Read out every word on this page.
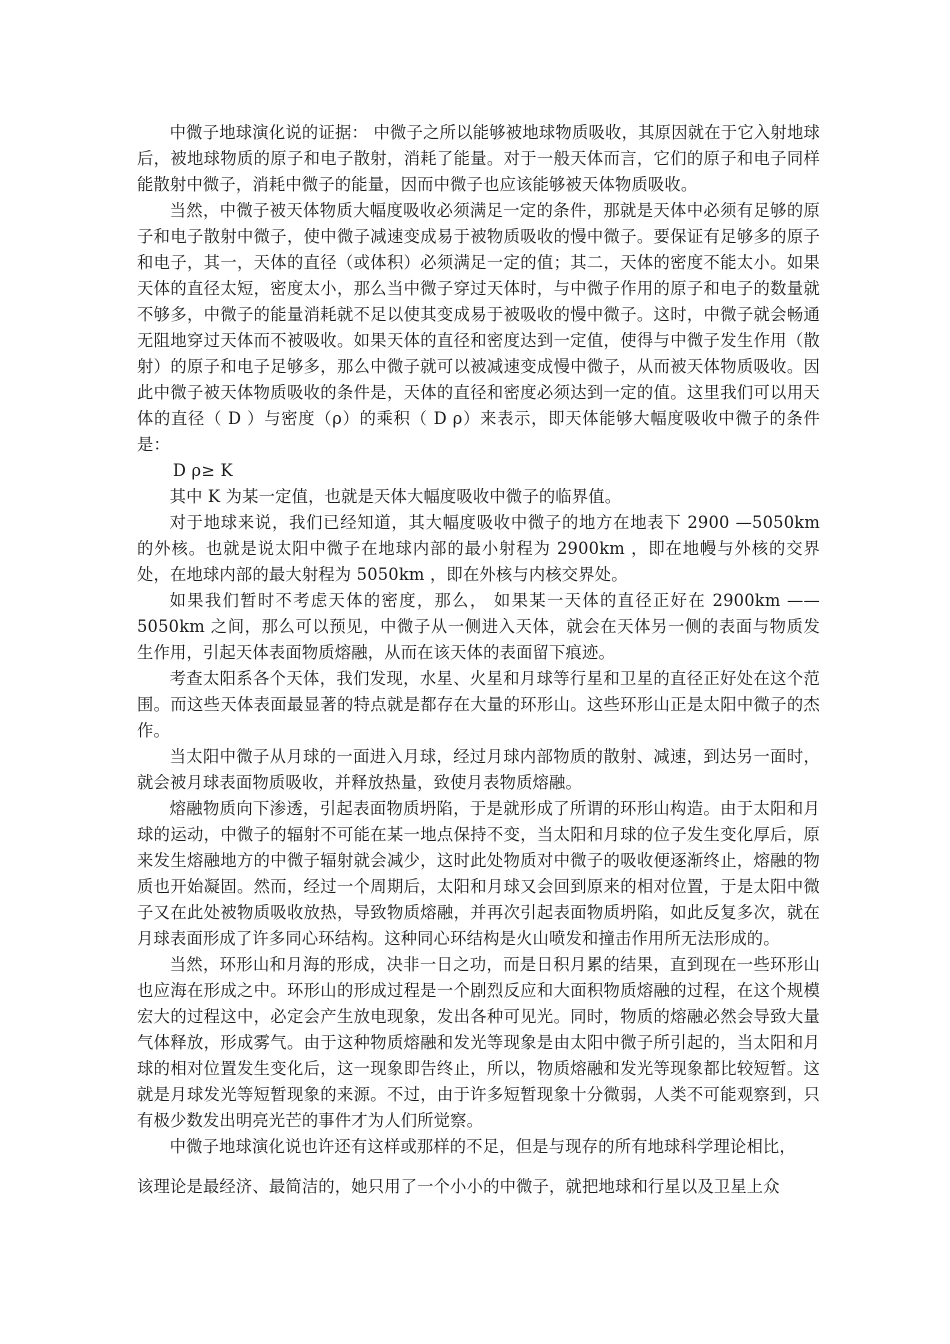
中微子地球演化说的证据： 中微子之所以能够被地球物质吸收，其原因就在于它入射地球后，被地球物质的原子和电子散射，消耗了能量。对于一般天体而言，它们的原子和电子同样能散射中微子，消耗中微子的能量，因而中微子也应该能够被天体物质吸收。

当然，中微子被天体物质大幅度吸收必须满足一定的条件，那就是天体中必须有足够的原子和电子散射中微子，使中微子减速变成易于被物质吸收的慢中微子。要保证有足够多的原子和电子，其一，天体的直径（或体积）必须满足一定的值；其二，天体的密度不能太小。如果天体的直径太短，密度太小，那么当中微子穿过天体时，与中微子作用的原子和电子的数量就不够多，中微子的能量消耗就不足以使其变成易于被吸收的慢中微子。这时，中微子就会畅通无阻地穿过天体而不被吸收。如果天体的直径和密度达到一定值，使得与中微子发生作用（散射）的原子和电子足够多，那么中微子就可以被减速变成慢中微子，从而被天体物质吸收。因此中微子被天体物质吸收的条件是，天体的直径和密度必须达到一定的值。这里我们可以用天体的直径（ D ）与密度（ρ）的乘积（ D ρ）来表示，即天体能够大幅度吸收中微子的条件是：

D ρ≥ K

其中 K 为某一定值，也就是天体大幅度吸收中微子的临界值。

对于地球来说，我们已经知道，其大幅度吸收中微子的地方在地表下 2900 —5050km 的外核。也就是说太阳中微子在地球内部的最小射程为 2900km ，即在地幔与外核的交界处，在地球内部的最大射程为 5050km ，即在外核与内核交界处。

如果我们暂时不考虑天体的密度，那么， 如果某一天体的直径正好在 2900km ——5050km 之间，那么可以预见，中微子从一侧进入天体，就会在天体另一侧的表面与物质发生作用，引起天体表面物质熔融，从而在该天体的表面留下痕迹。

考查太阳系各个天体，我们发现，水星、火星和月球等行星和卫星的直径正好处在这个范围。而这些天体表面最显著的特点就是都存在大量的环形山。这些环形山正是太阳中微子的杰作。

当太阳中微子从月球的一面进入月球，经过月球内部物质的散射、减速，到达另一面时，就会被月球表面物质吸收，并释放热量，致使月表物质熔融。

熔融物质向下渗透，引起表面物质坍陷，于是就形成了所谓的环形山构造。由于太阳和月球的运动，中微子的辐射不可能在某一地点保持不变，当太阳和月球的位子发生变化厚后，原来发生熔融地方的中微子辐射就会减少，这时此处物质对中微子的吸收便逐渐终止，熔融的物质也开始凝固。然而，经过一个周期后，太阳和月球又会回到原来的相对位置，于是太阳中微子又在此处被物质吸收放热，导致物质熔融，并再次引起表面物质坍陷，如此反复多次，就在月球表面形成了许多同心环结构。这种同心环结构是火山喷发和撞击作用所无法形成的。

当然，环形山和月海的形成，决非一日之功，而是日积月累的结果，直到现在一些环形山也应海在形成之中。环形山的形成过程是一个剧烈反应和大面积物质熔融的过程，在这个规模宏大的过程这中，必定会产生放电现象，发出各种可见光。同时，物质的熔融必然会导致大量气体释放，形成雾气。由于这种物质熔融和发光等现象是由太阳中微子所引起的，当太阳和月球的相对位置发生变化后，这一现象即告终止，所以，物质熔融和发光等现象都比较短暂。这就是月球发光等短暂现象的来源。不过，由于许多短暂现象十分微弱，人类不可能观察到，只有极少数发出明亮光芒的事件才为人们所觉察。

中微子地球演化说也许还有这样或那样的不足，但是与现存的所有地球科学理论相比，

该理论是最经济、最简洁的，她只用了一个小小的中微子，就把地球和行星以及卫星上众
